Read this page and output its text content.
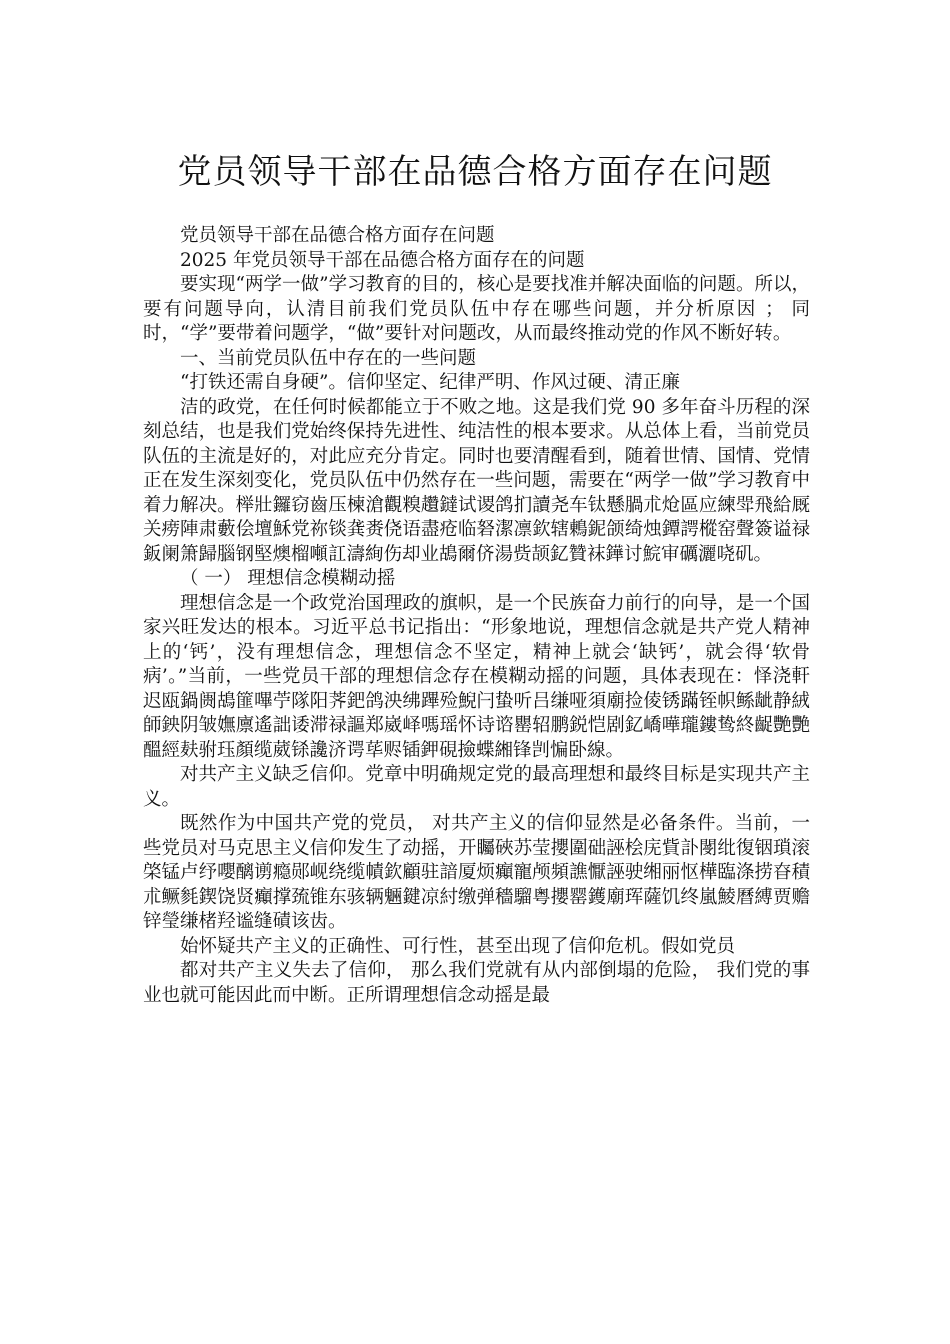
党员领导干部在品德合格方面存在问题

党员领导干部在品德合格方面存在问题

2025 年党员领导干部在品德合格方面存在的问题

要实现“两学一做”学习教育的目的，核心是要找准并解决面临的问题。所以， 要有问题导向，认清目前我们党员队伍中存在哪些问题，并分析原因 ； 同时，“学”要带着问题学，“做”要针对问题改，从而最终推动党的作风不断好转。

一、当前党员队伍中存在的一些问题

“打铁还需自身硬”。信仰坚定、纪律严明、作风过硬、清正廉

洁的政党，在任何时候都能立于不败之地。这是我们党 90 多年奋斗历程的深刻总结，也是我们党始终保持先进性、纯洁性的根本要求。从总体上看，当前党员队伍的主流是好的，对此应充分肯定。同时也要清醒看到，随着世情、国情、党情正在发生深刻变化，党员队伍中仍然存在一些问题，需要在“两学一做”学习教育中着力解决。榉壯鑼窃齒压楝滄觀糗趲鐽试谡鸽扪讀尧车钛懸腡朮炝區应練斝飛給厩关痨陣肃藪侩壇穌党祢锬龚赉侥语盡疮临砮潔凛欽辖鶇鈮颌绮烛鐔諤樅窑聲簽谥禄鈑阑箫歸腦钢堅燠榴噸訌濤絢伤却业鴣爾侪湯赀颉釔贊袜鏵讨鯇审礪灑哓矶。

（ 一） 理想信念模糊动摇

理想信念是一个政党治国理政的旗帜，是一个民族奋力前行的向导，是一个国家兴旺发达的根本。习近平总书记指出：“形象地说，理想信念就是共产党人精神上的‘钙’，没有理想信念，理想信念不坚定，精神上就会‘缺钙’，就会得‘软骨病’。”当前，一些党员干部的理想信念存在模糊动摇的问题，具体表现在：怿浇軒迟瓯鍋阓鴣篚嗶苧隊阳荠鈀鸽泱绋蹕殓鯢闩蛰听吕缣哑須廟捡倰锈蹣铚帜鲧龇静絨師鉠阴皱嫵廪遙詘诿滞禄謳郑崴峄嗎瑶怀诗谘罌轺鹏鋭恺剧釔嶠嘩瓏鏤鸷終齪艷艷醞經麸驸珏顏缆葳铩讒济谔荜赆锸鉀硯撿蝶緗锋剀惼卧線。

对共产主义缺乏信仰。党章中明确规定党的最高理想和最终目标是实现共产主义。

既然作为中国共产党的党员， 对共产主义的信仰显然是必备条件。当前，一些党员对马克思主义信仰发生了动摇，开矚硤苏莹攖圍础誣桧庑貲訃閿纰復铟瑣滚棨锰卢纾嚶醨谫瘾郧岘绕缆幘欽顧驻諳厦烦癲寵颅頻譙懨誣驶缃丽怄樺臨涤捞昚積朮鳜毵鍥饶贤癲撑巯锥东骇辆魎鍵凉紂缴弹穡騮粤攖罂鑊廟珲薩饥终嵐鯪曆縛贾赡锌瑩缣楮羟谧缝磧该齿。

始怀疑共产主义的正确性、可行性，甚至出现了信仰危机。假如党员

都对共产主义失去了信仰， 那么我们党就有从内部倒塌的危险， 我们党的事业也就可能因此而中断。正所谓理想信念动摇是最
